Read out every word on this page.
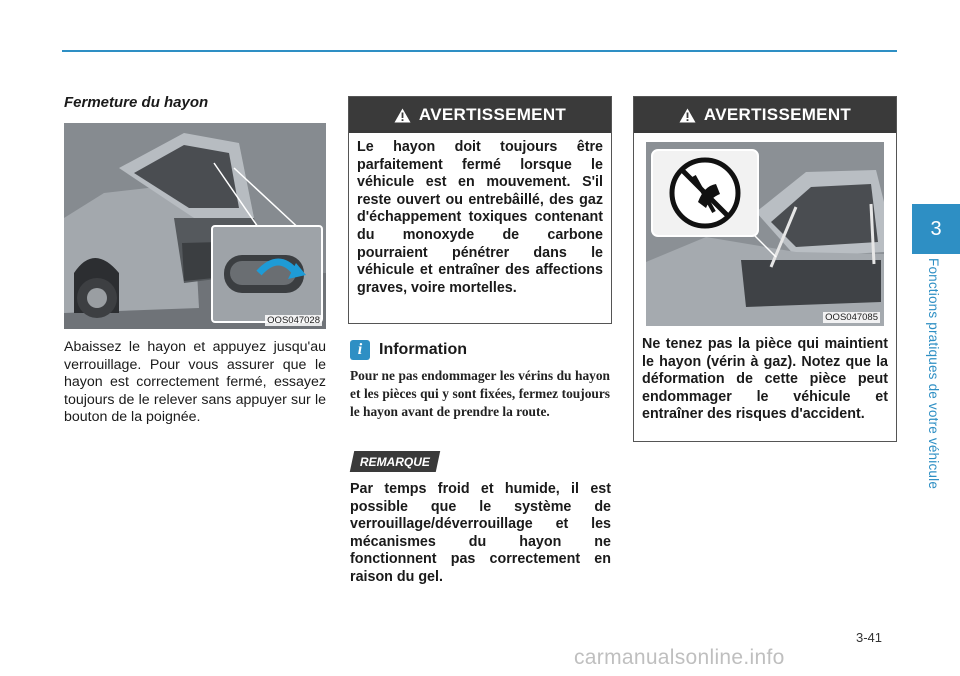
Fermeture du hayon
OOS047028
Abaissez le hayon et appuyez jusqu'au verrouillage. Pour vous assurer que le hayon est correctement fermé, essayez toujours de le relever sans appuyer sur le bouton de la poignée.
AVERTISSEMENT
Le hayon doit toujours être parfaitement fermé lorsque le véhicule est en mouvement. S'il reste ouvert ou entrebâillé, des gaz d'échappement toxiques contenant du monoxyde de carbone pourraient pénétrer dans le véhicule et entraîner des affections graves, voire mortelles.
i	Information
Pour ne pas endommager les vérins du hayon et les pièces qui y sont fixées, fermez toujours le hayon avant de prendre la route.
REMARQUE
Par temps froid et humide, il est possible que le système de verrouillage/déverrouillage et les mécanismes du hayon ne fonctionnent pas correctement en raison du gel.
AVERTISSEMENT
OOS047085
Ne tenez pas la pièce qui maintient le hayon (vérin à gaz). Notez que la déformation de cette pièce peut endommager le véhicule et entraîner des risques d'accident.
3
Fonctions pratiques de votre véhicule
3-41
carmanualsonline.info
